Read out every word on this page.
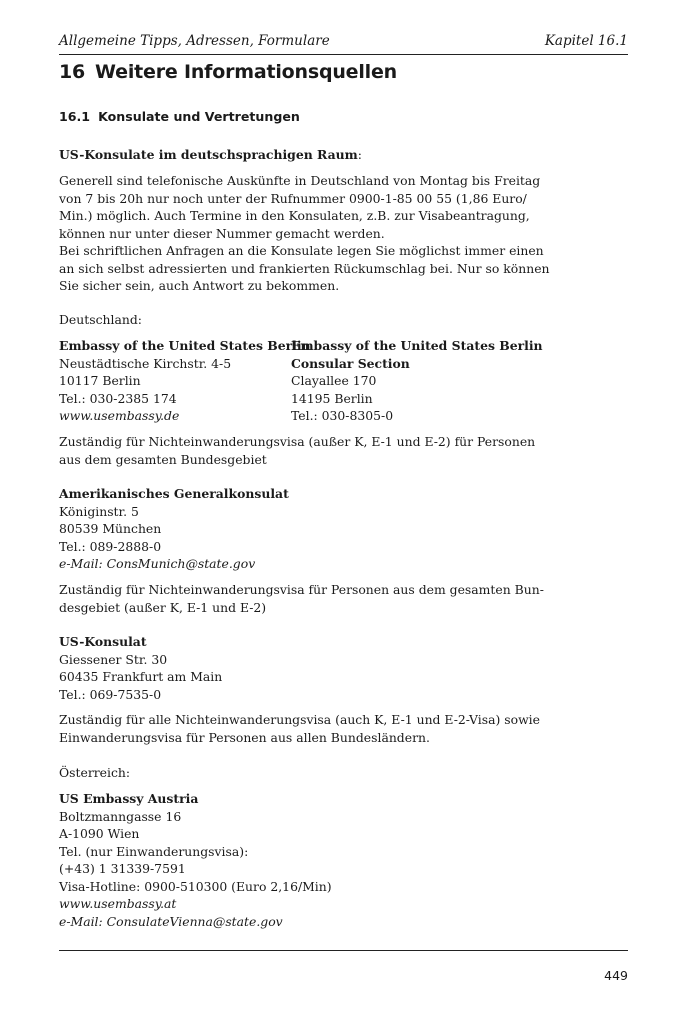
Allgemeine Tipps, Adressen, Formulare	Kapitel 16.1
16 Weitere Informationsquellen
16.1 Konsulate und Vertretungen
US-Konsulate im deutschsprachigen Raum:
Generell sind telefonische Auskünfte in Deutschland von Montag bis Freitag
von 7 bis 20h nur noch unter der Rufnummer 0900-1-85 00 55 (1,86 Euro/
Min.) möglich. Auch Termine in den Konsulaten, z.B. zur Visabeantragung,
können nur unter dieser Nummer gemacht werden.
Bei schriftlichen Anfragen an die Konsulate legen Sie möglichst immer einen
an sich selbst adressierten und frankierten Rückumschlag bei. Nur so können
Sie sicher sein, auch Antwort zu bekommen.
Deutschland:
Embassy of the United States Berlin
Neustädtische Kirchstr. 4-5
10117 Berlin
Tel.: 030-2385 174
www.usembassy.de
Embassy of the United States Berlin
Consular Section
Clayallee 170
14195 Berlin
Tel.: 030-8305-0
Zuständig für Nichteinwanderungsvisa (außer K, E-1 und E-2) für Personen
aus dem gesamten Bundesgebiet
Amerikanisches Generalkonsulat
Königinstr. 5
80539 München
Tel.: 089-2888-0
e-Mail: ConsMunich@state.gov
Zuständig für Nichteinwanderungsvisa für Personen aus dem gesamten Bun-
desgebiet (außer K, E-1 und E-2)
US-Konsulat
Giessener Str. 30
60435 Frankfurt am Main
Tel.: 069-7535-0
Zuständig für alle Nichteinwanderungsvisa (auch K, E-1 und E-2-Visa) sowie
Einwanderungsvisa für Personen aus allen Bundesländern.
Österreich:
US Embassy Austria
Boltzmanngasse 16
A-1090 Wien
Tel. (nur Einwanderungsvisa):
(+43) 1 31339-7591
Visa-Hotline: 0900-510300 (Euro 2,16/Min)
www.usembassy.at
e-Mail: ConsulateVienna@state.gov
449
